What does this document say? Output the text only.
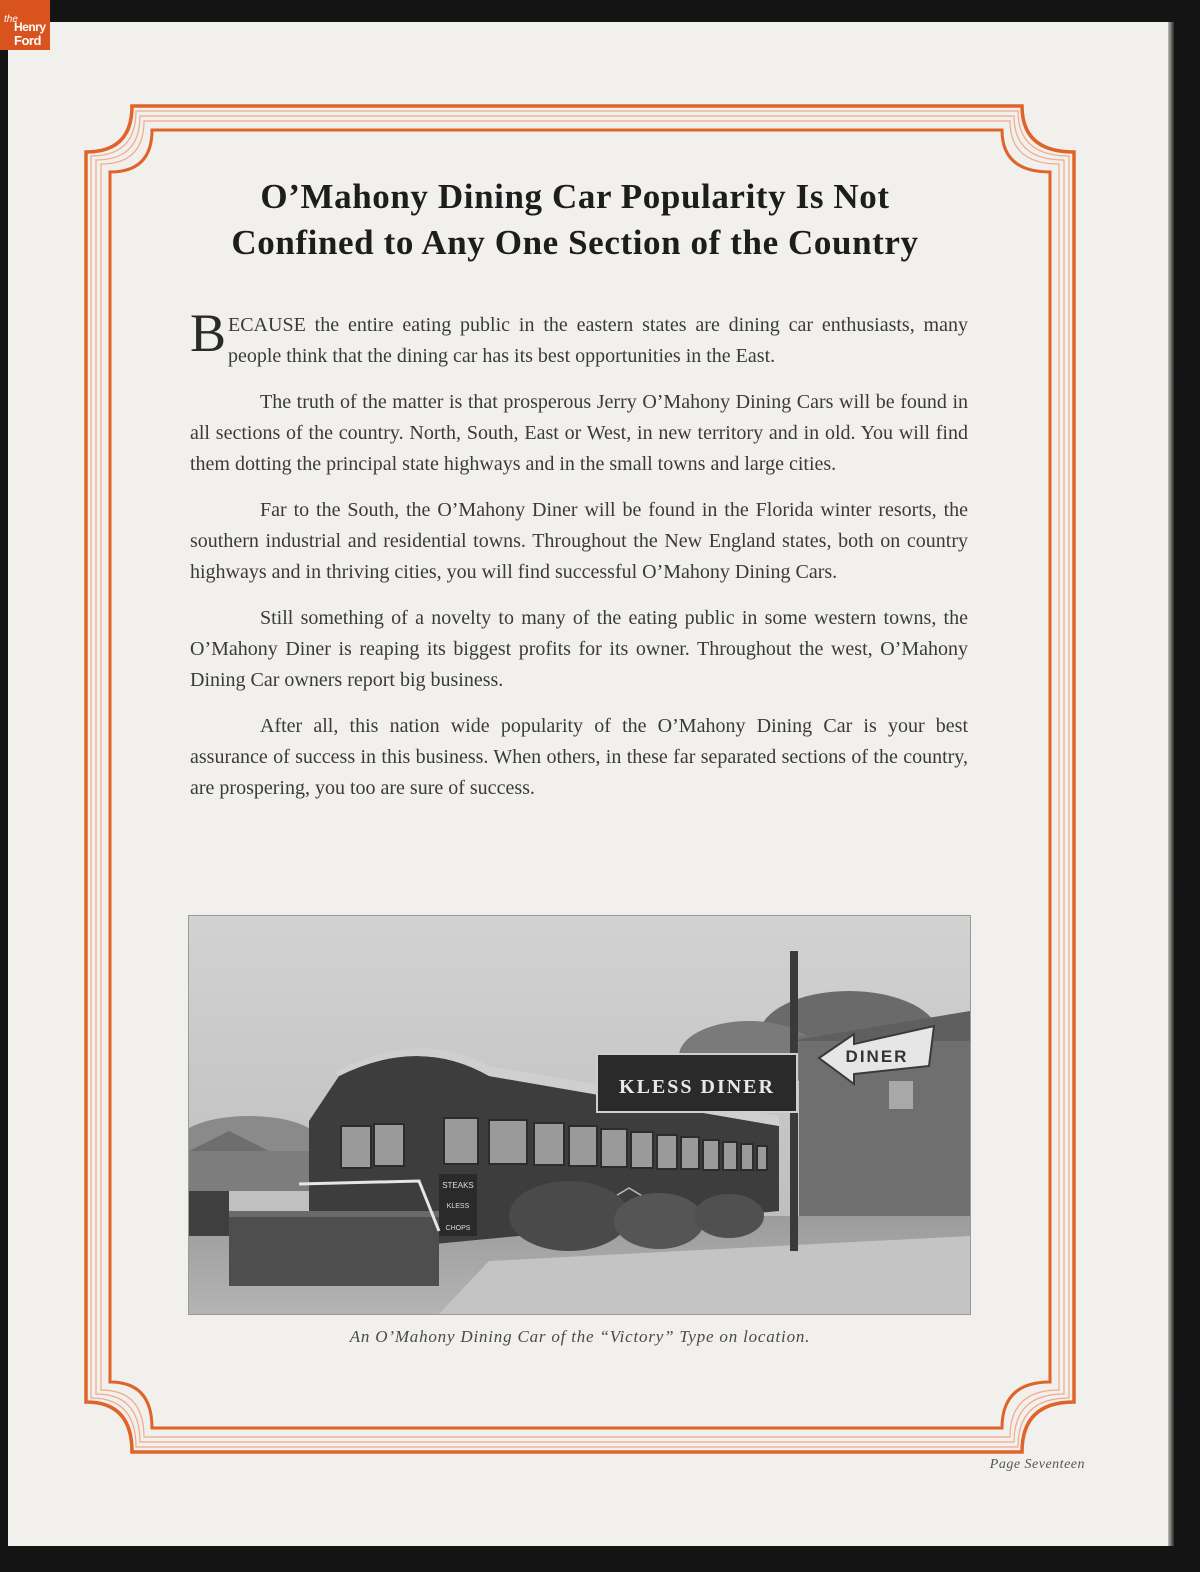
the
Henry
Ford
O’Mahony Dining Car Popularity Is Not
Confined to Any One Section of the Country

B ECAUSE the entire eating public in the eastern states are dining car enthusiasts, many people think that the dining car has its best opportunities in the East.

The truth of the matter is that prosperous Jerry O’Mahony Dining Cars will be found in all sections of the country. North, South, East or West, in new territory and in old. You will find them dotting the principal state highways and in the small towns and large cities.

Far to the South, the O’Mahony Diner will be found in the Florida winter resorts, the southern industrial and residential towns. Throughout the New England states, both on country highways and in thriving cities, you will find successful O’Mahony Dining Cars.

Still something of a novelty to many of the eating public in some western towns, the O’Mahony Diner is reaping its biggest profits for its owner. Throughout the west, O’Mahony Dining Car owners report big business.

After all, this nation wide popularity of the O’Mahony Dining Car is your best assurance of success in this business. When others, in these far separated sections of the country, are prospering, you too are sure of success.

STEAKS
KLESS
CHOPS
KLESS DINER
DINER
An O’Mahony Dining Car of the “Victory” Type on location.
Page Seventeen
